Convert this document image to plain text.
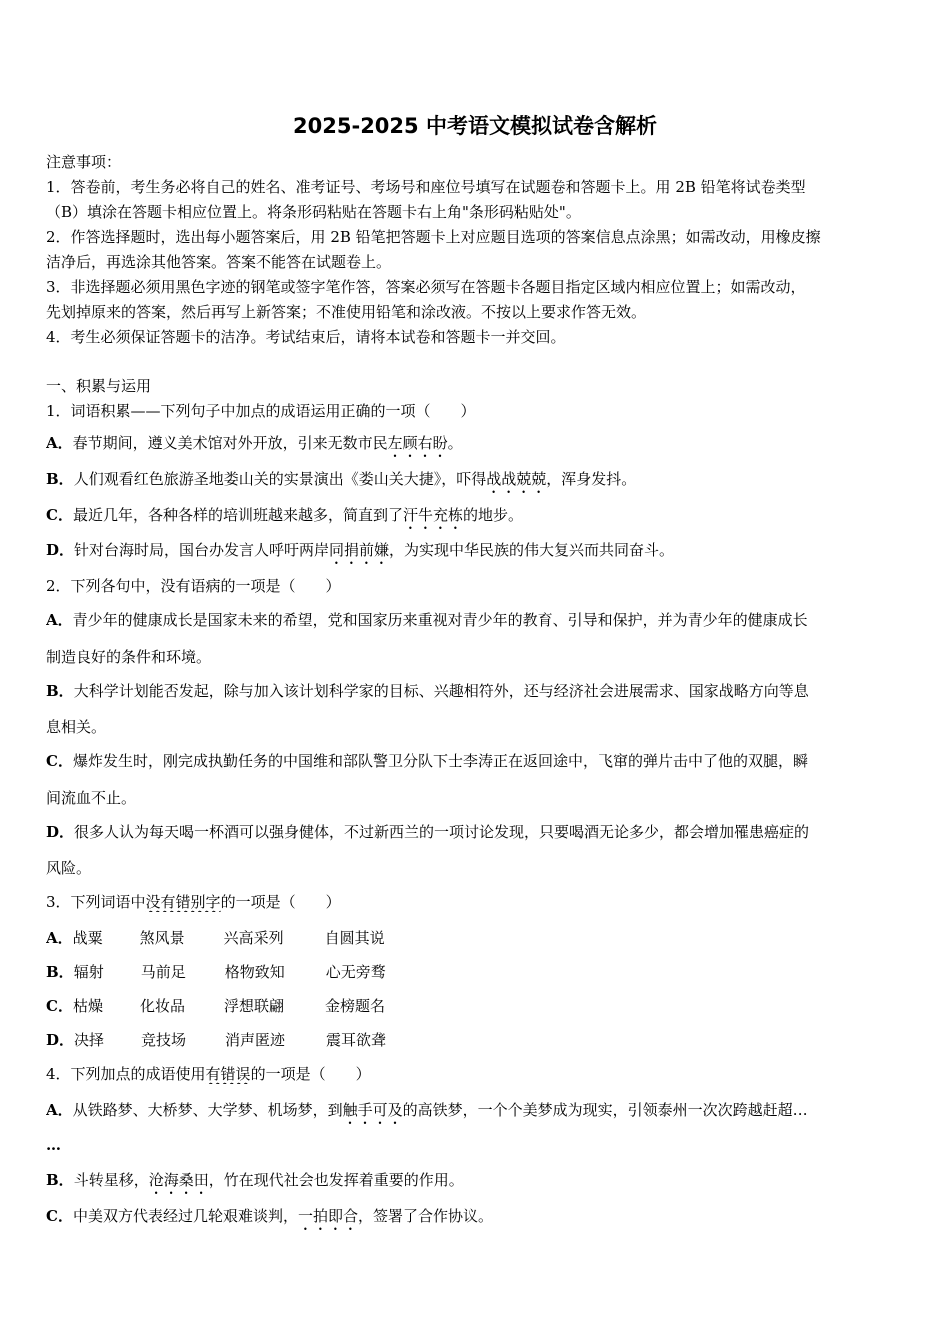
2025-2025 中考语文模拟试卷含解析
注意事项：
1．答卷前，考生务必将自己的姓名、准考证号、考场号和座位号填写在试题卷和答题卡上。用 2B 铅笔将试卷类型
（B）填涂在答题卡相应位置上。将条形码粘贴在答题卡右上角"条形码粘贴处"。
2．作答选择题时，选出每小题答案后，用 2B 铅笔把答题卡上对应题目选项的答案信息点涂黑；如需改动，用橡皮擦
洁净后，再选涂其他答案。答案不能答在试题卷上。
3．非选择题必须用黑色字迹的钢笔或签字笔作答，答案必须写在答题卡各题目指定区域内相应位置上；如需改动，
先划掉原来的答案，然后再写上新答案；不准使用铅笔和涂改液。不按以上要求作答无效。
4．考生必须保证答题卡的洁净。考试结束后，请将本试卷和答题卡一并交回。
一、积累与运用
1．词语积累——下列句子中加点的成语运用正确的一项（　　）
A．春节期间，遵义美术馆对外开放，引来无数市民左顾右盼。
B．人们观看红色旅游圣地娄山关的实景演出《娄山关大捷》，吓得战战兢兢，浑身发抖。
C．最近几年，各种各样的培训班越来越多，简直到了汗牛充栋的地步。
D．针对台海时局，国台办发言人呼吁两岸同捐前嫌，为实现中华民族的伟大复兴而共同奋斗。
2．下列各句中，没有语病的一项是（　　）
A．青少年的健康成长是国家未来的希望，党和国家历来重视对青少年的教育、引导和保护，并为青少年的健康成长
制造良好的条件和环境。
B．大科学计划能否发起，除与加入该计划科学家的目标、兴趣相符外，还与经济社会进展需求、国家战略方向等息
息相关。
C．爆炸发生时，刚完成执勤任务的中国维和部队警卫分队下士李涛正在返回途中，飞窜的弹片击中了他的双腿，瞬
间流血不止。
D．很多人认为每天喝一杯酒可以强身健体，不过新西兰的一项讨论发现，只要喝酒无论多少，都会增加罹患癌症的
风险。
3．下列词语中没有错别字的一项是（　　）
A．战粟 煞风景	兴高采列	自圆其说
B．辐射 马前足	格物致知	心无旁骛
C．枯燥 化妆品	浮想联翩	金榜题名
D．决择 竞技场	消声匿迹	震耳欲聋
4．下列加点的成语使用有错误的一项是（　　）
A．从铁路梦、大桥梦、大学梦、机场梦，到触手可及的高铁梦，一个个美梦成为现实，引领泰州一次次跨越赶超…
…
B．斗转星移，沧海桑田，竹在现代社会也发挥着重要的作用。
C．中美双方代表经过几轮艰难谈判，一拍即合，签署了合作协议。
